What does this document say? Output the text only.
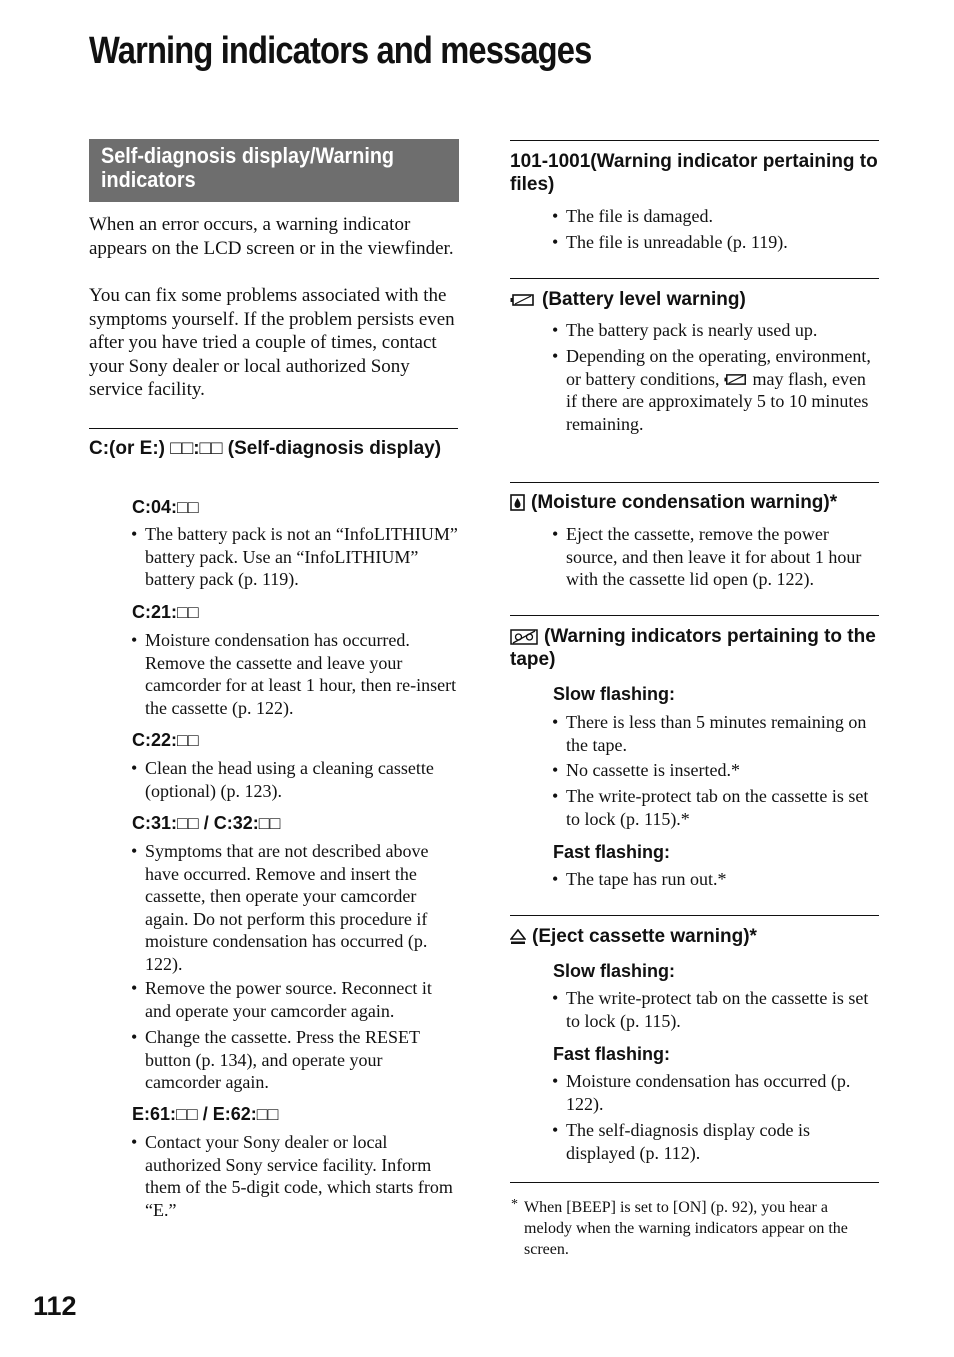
Warning indicators and messages
Self-diagnosis display/Warning indicators
When an error occurs, a warning indicator appears on the LCD screen or in the viewfinder.
You can fix some problems associated with the symptoms yourself. If the problem persists even after you have tried a couple of times, contact your Sony dealer or local authorized Sony service facility.
C:(or E:) □□:□□ (Self-diagnosis display)
C:04:□□
• The battery pack is not an “InfoLITHIUM” battery pack. Use an “InfoLITHIUM” battery pack (p. 119).
C:21:□□
• Moisture condensation has occurred. Remove the cassette and leave your camcorder for at least 1 hour, then re-insert the cassette (p. 122).
C:22:□□
• Clean the head using a cleaning cassette (optional) (p. 123).
C:31:□□ / C:32:□□
• Symptoms that are not described above have occurred. Remove and insert the cassette, then operate your camcorder again. Do not perform this procedure if moisture condensation has occurred (p. 122).
• Remove the power source. Reconnect it and operate your camcorder again.
• Change the cassette. Press the RESET button (p. 134), and operate your camcorder again.
E:61:□□ / E:62:□□
• Contact your Sony dealer or local authorized Sony service facility. Inform them of the 5-digit code, which starts from “E.”
101-1001(Warning indicator pertaining to files)
• The file is damaged.
• The file is unreadable (p. 119).
(Battery level warning)
• The battery pack is nearly used up.
• Depending on the operating, environment, or battery conditions, may flash, even if there are approximately 5 to 10 minutes remaining.
(Moisture condensation warning)*
• Eject the cassette, remove the power source, and then leave it for about 1 hour with the cassette lid open (p. 122).
(Warning indicators pertaining to the tape)
Slow flashing:
• There is less than 5 minutes remaining on the tape.
• No cassette is inserted.*
• The write-protect tab on the cassette is set to lock (p. 115).*
Fast flashing:
• The tape has run out.*
(Eject cassette warning)*
Slow flashing:
• The write-protect tab on the cassette is set to lock (p. 115).
Fast flashing:
• Moisture condensation has occurred (p. 122).
• The self-diagnosis display code is displayed (p. 112).
* When [BEEP] is set to [ON] (p. 92), you hear a melody when the warning indicators appear on the screen.
112
